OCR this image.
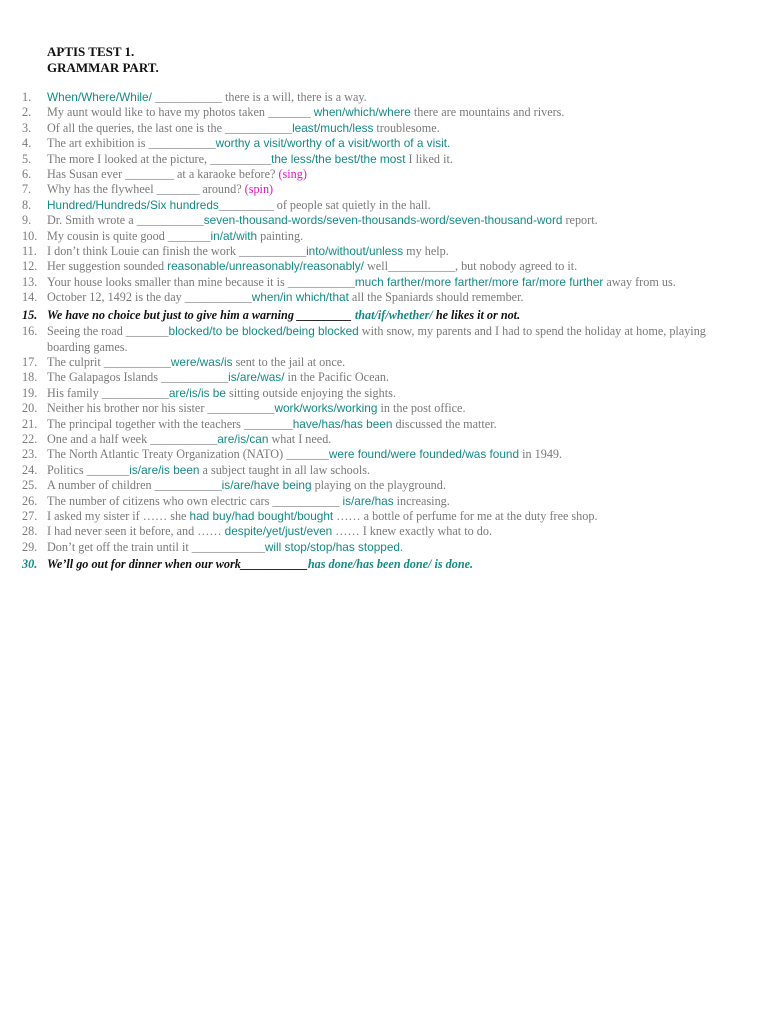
APTIS TEST 1.
GRAMMAR PART.
1.	When/Where/While/ ___________ there is a will, there is a way.
2.	My aunt would like to have my photos taken _______ when/which/where there are mountains and rivers.
3.	Of all the queries, the last one is the ___________least/much/less troublesome.
4.	The art exhibition is ___________worthy a visit/worthy of a visit/worth of a visit.
5.	The more I looked at the picture, __________the less/the best/the most I liked it.
6.	Has Susan ever ________ at a karaoke before? (sing)
7.	Why has the flywheel _______ around? (spin)
8.	Hundred/Hundreds/Six hundreds_________ of people sat quietly in the hall.
9.	Dr. Smith wrote a ___________seven-thousand-words/seven-thousands-word/seven-thousand-word report.
10. My cousin is quite good _______in/at/with painting.
11. I don’t think Louie can finish the work ___________into/without/unless my help.
12. Her suggestion sounded reasonable/unreasonably/reasonably/ well___________, but nobody agreed to it.
13. Your house looks smaller than mine because it is ___________much farther/more farther/more far/more further away from us.
14. October 12, 1492 is the day ___________when/in which/that all the Spaniards should remember.
15. We have no choice but just to give him a warning _________ that/if/whether/ he likes it or not.
16. Seeing the road _______blocked/to be blocked/being blocked with snow, my parents and I had to spend the holiday at home, playing boarding games.
17. The culprit ___________were/was/is sent to the jail at once.
18. The Galapagos Islands ___________is/are/was/ in the Pacific Ocean.
19. His family ___________are/is/is be sitting outside enjoying the sights.
20. Neither his brother nor his sister ___________work/works/working in the post office.
21. The principal together with the teachers ________have/has/has been discussed the matter.
22. One and a half week ___________are/is/can what I need.
23. The North Atlantic Treaty Organization (NATO) _______were found/were founded/was found in 1949.
24. Politics _______is/are/is been a subject taught in all law schools.
25. A number of children ___________is/are/have being playing on the playground.
26. The number of citizens who own electric cars ___________ is/are/has increasing.
27. I asked my sister if …… she had buy/had bought/bought …… a bottle of perfume for me at the duty free shop.
28. I had never seen it before, and …… despite/yet/just/even …… I knew exactly what to do.
29. Don’t get off the train until it ____________will stop/stop/has stopped.
30. We’ll go out for dinner when our work___________has done/has been done/ is done.
